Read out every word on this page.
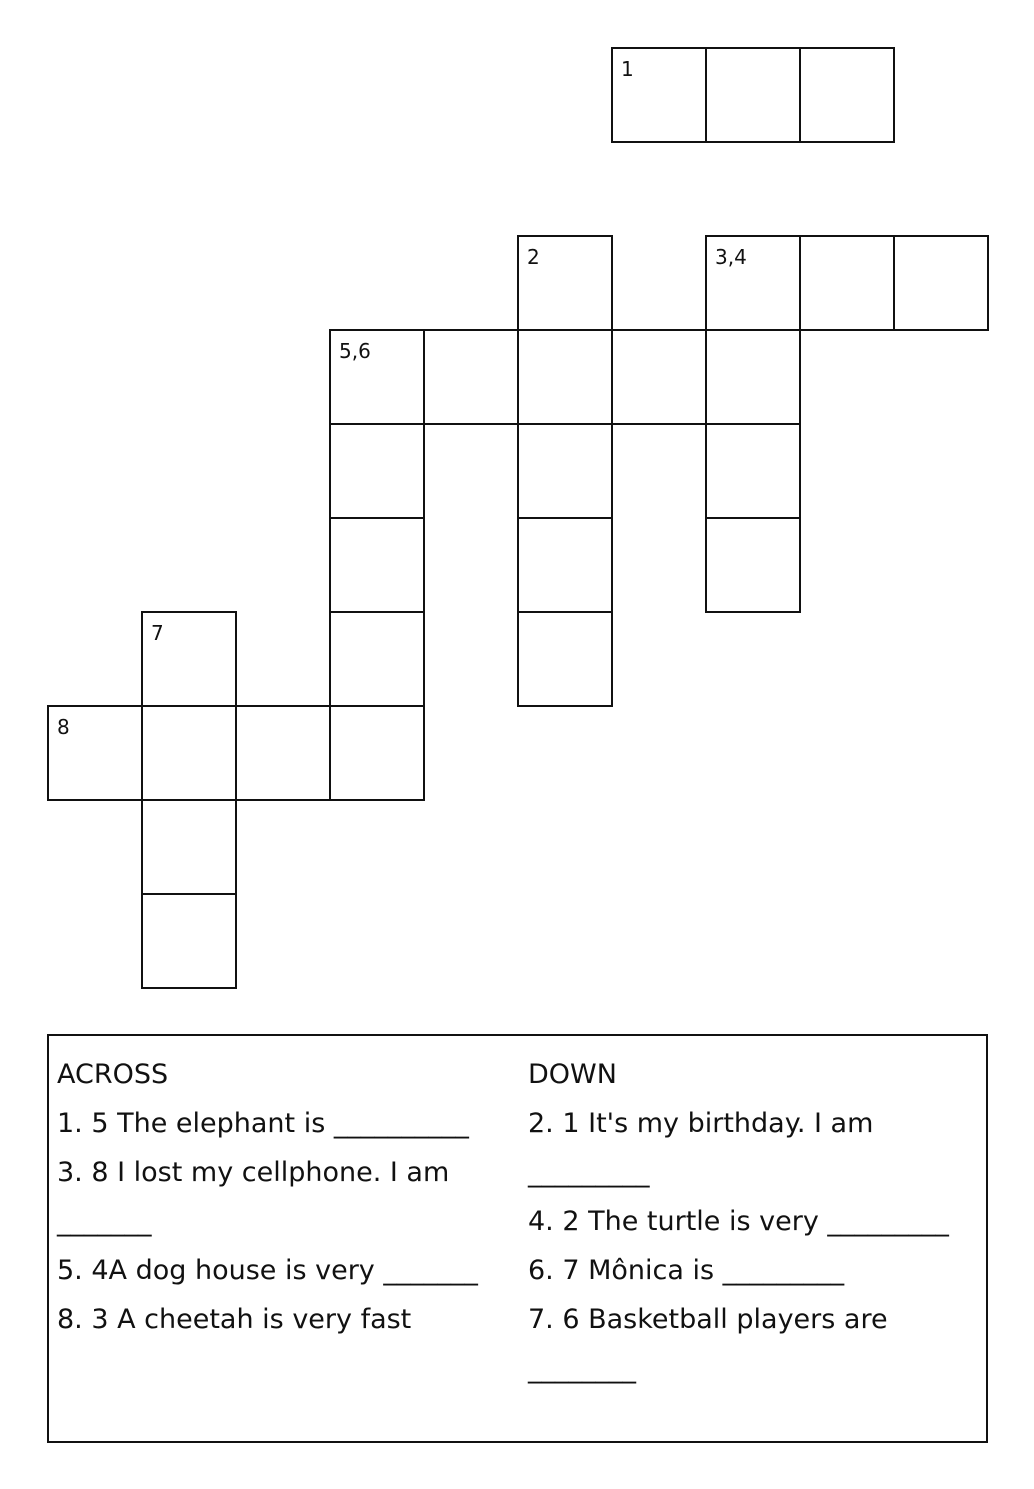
1
2	3,4
5,6
7
8
ACROSS
1. 5 The elephant is __________
3. 8 I lost my cellphone. I am
_______
5. 4A dog house is very _______
8. 3 A cheetah is very fast
DOWN
2. 1 It's my birthday. I am
_________
4. 2 The turtle is very _________
6. 7 Mônica is _________
7. 6 Basketball players are
________
